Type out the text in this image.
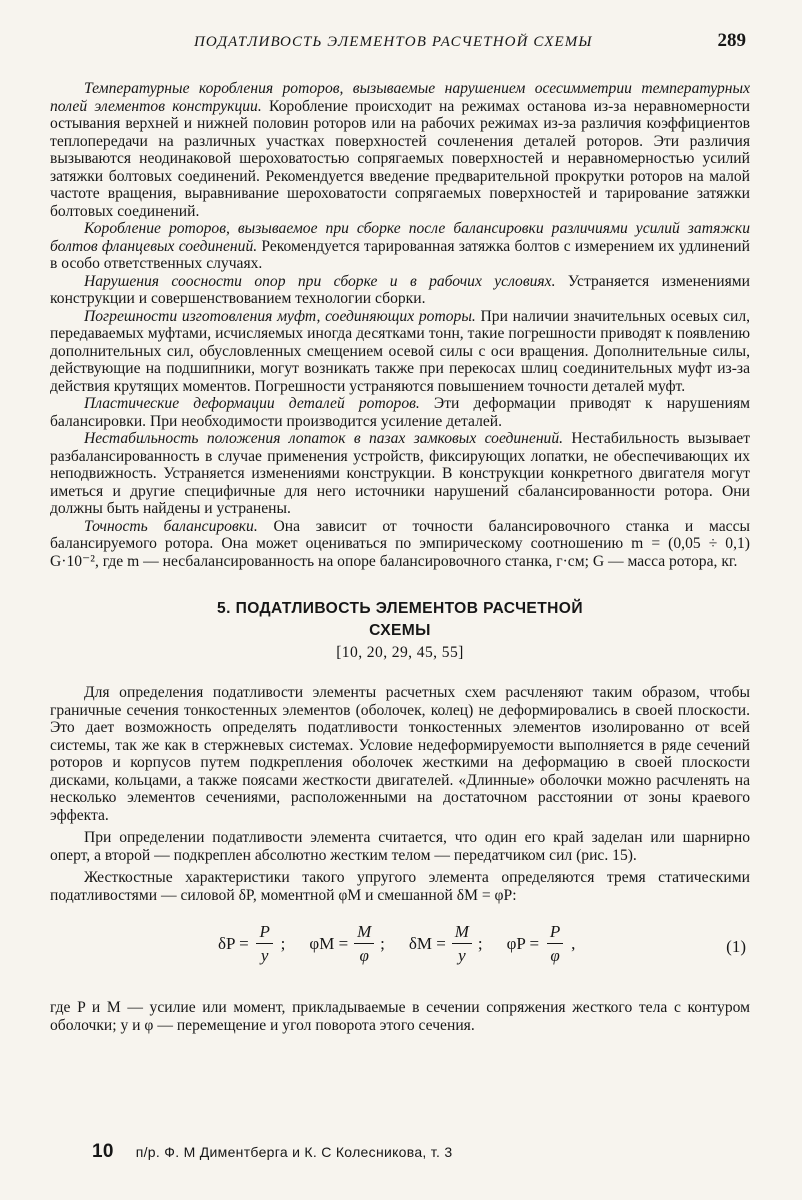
ПОДАТЛИВОСТЬ ЭЛЕМЕНТОВ РАСЧЕТНОЙ СХЕМЫ	289

Температурные коробления роторов, вызываемые нарушением осесимметрии температурных полей элементов конструкции. Коробление происходит на режимах останова из-за неравномерности остывания верхней и нижней половин роторов или на рабочих режимах из-за различия коэффициентов теплопередачи на различных участках поверхностей сочленения деталей роторов. Эти различия вызываются неодинаковой шероховатостью сопрягаемых поверхностей и неравномерностью усилий затяжки болтовых соединений. Рекомендуется введение предварительной прокрутки роторов на малой частоте вращения, выравнивание шероховатости сопрягаемых поверхностей и тарирование затяжки болтовых соединений.

Коробление роторов, вызываемое при сборке после балансировки различиями усилий затяжки болтов фланцевых соединений. Рекомендуется тарированная затяжка болтов с измерением их удлинений в особо ответственных случаях.

Нарушения соосности опор при сборке и в рабочих условиях. Устраняется изменениями конструкции и совершенствованием технологии сборки.

Погрешности изготовления муфт, соединяющих роторы. При наличии значительных осевых сил, передаваемых муфтами, исчисляемых иногда десятками тонн, такие погрешности приводят к появлению дополнительных сил, обусловленных смещением осевой силы с оси вращения. Дополнительные силы, действующие на подшипники, могут возникать также при перекосах шлиц соединительных муфт из-за действия крутящих моментов. Погрешности устраняются повышением точности деталей муфт.

Пластические деформации деталей роторов. Эти деформации приводят к нарушениям балансировки. При необходимости производится усиление деталей.

Нестабильность положения лопаток в пазах замковых соединений. Нестабильность вызывает разбалансированность в случае применения устройств, фиксирующих лопатки, не обеспечивающих их неподвижность. Устраняется изменениями конструкции. В конструкции конкретного двигателя могут иметься и другие специфичные для него источники нарушений сбалансированности ротора. Они должны быть найдены и устранены.

Точность балансировки. Она зависит от точности балансировочного станка и массы балансируемого ротора. Она может оцениваться по эмпирическому соотношению m = (0,05 ÷ 0,1) G·10⁻², где m — несбалансированность на опоре балансировочного станка, г·см; G — масса ротора, кг.

5. ПОДАТЛИВОСТЬ ЭЛЕМЕНТОВ РАСЧЕТНОЙ
СХЕМЫ
[10, 20, 29, 45, 55]

Для определения податливости элементы расчетных схем расчленяют таким образом, чтобы граничные сечения тонкостенных элементов (оболочек, колец) не деформировались в своей плоскости. Это дает возможность определять податливости тонкостенных элементов изолированно от всей системы, так же как в стержневых системах. Условие недеформируемости выполняется в ряде сечений роторов и корпусов путем подкрепления оболочек жесткими на деформацию в своей плоскости дисками, кольцами, а также поясами жесткости двигателей. «Длинные» оболочки можно расчленять на несколько элементов сечениями, расположенными на достаточном расстоянии от зоны краевого эффекта.

При определении податливости элемента считается, что один его край заделан или шарнирно оперт, а второй — подкреплен абсолютно жестким телом — передатчиком сил (рис. 15).

Жесткостные характеристики такого упругого элемента определяются тремя статическими податливостями — силовой δP, моментной φM и смешанной δM = φP:

$\delta P = \frac{P}{y}$ ; $\varphi M = \frac{M}{\varphi}$ ; $\delta M = \frac{M}{y}$ ; $\varphi P = \frac{P}{\varphi}$ ,	(1)

где P и M — усилие или момент, прикладываемые в сечении сопряжения жесткого тела с контуром оболочки; y и φ — перемещение и угол поворота этого сечения.

10 п/р. Ф. М Диментберга и К. С Колесникова, т. 3
